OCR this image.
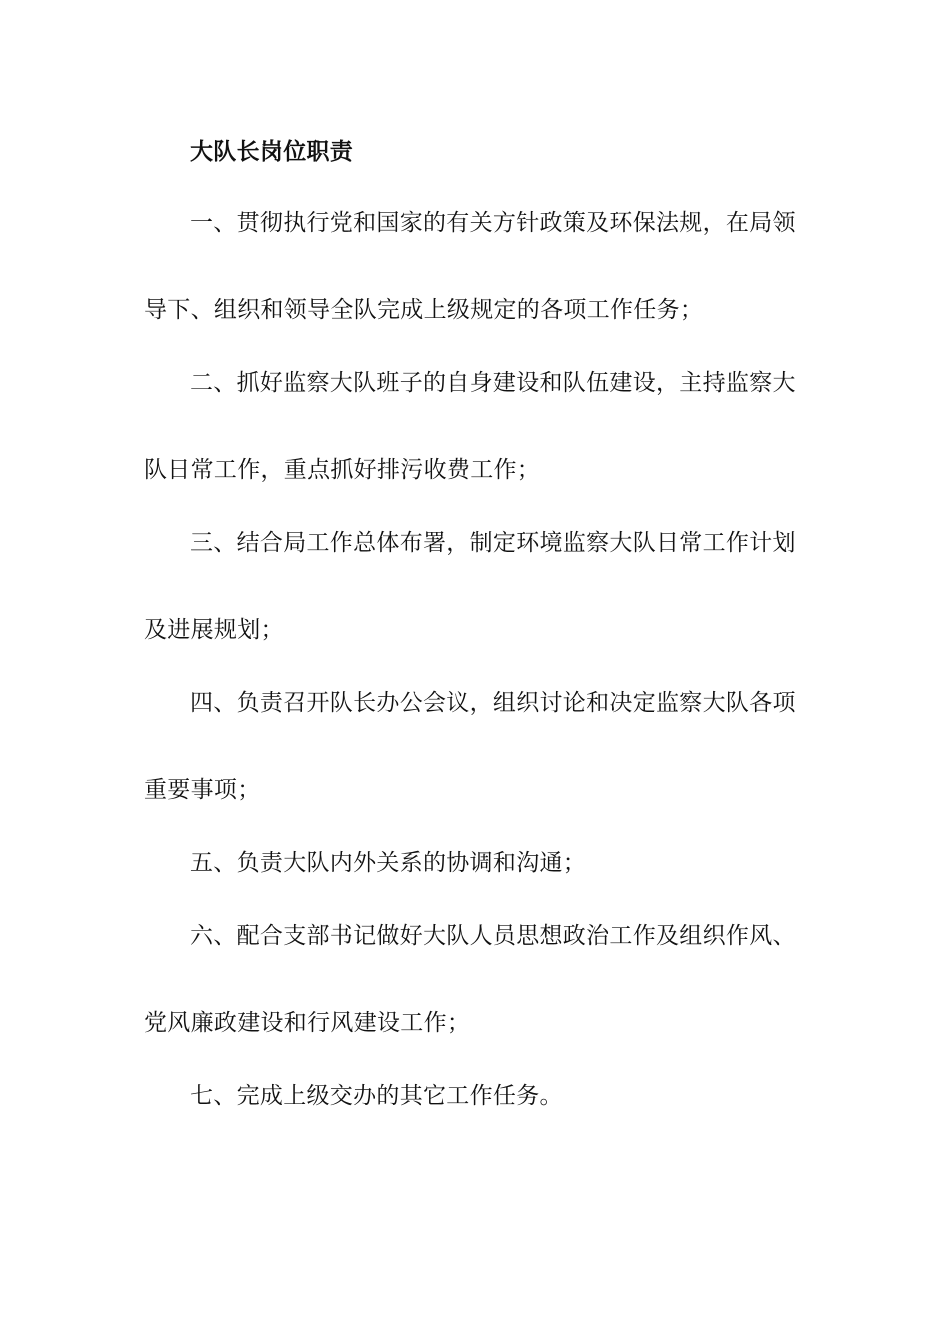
大队长岗位职责
一、贯彻执行党和国家的有关方针政策及环保法规，在局领
导下、组织和领导全队完成上级规定的各项工作任务；
二、抓好监察大队班子的自身建设和队伍建设，主持监察大
队日常工作，重点抓好排污收费工作；
三、结合局工作总体布署，制定环境监察大队日常工作计划
及进展规划；
四、负责召开队长办公会议，组织讨论和决定监察大队各项
重要事项；
五、负责大队内外关系的协调和沟通；
六、配合支部书记做好大队人员思想政治工作及组织作风、
党风廉政建设和行风建设工作；
七、完成上级交办的其它工作任务。
